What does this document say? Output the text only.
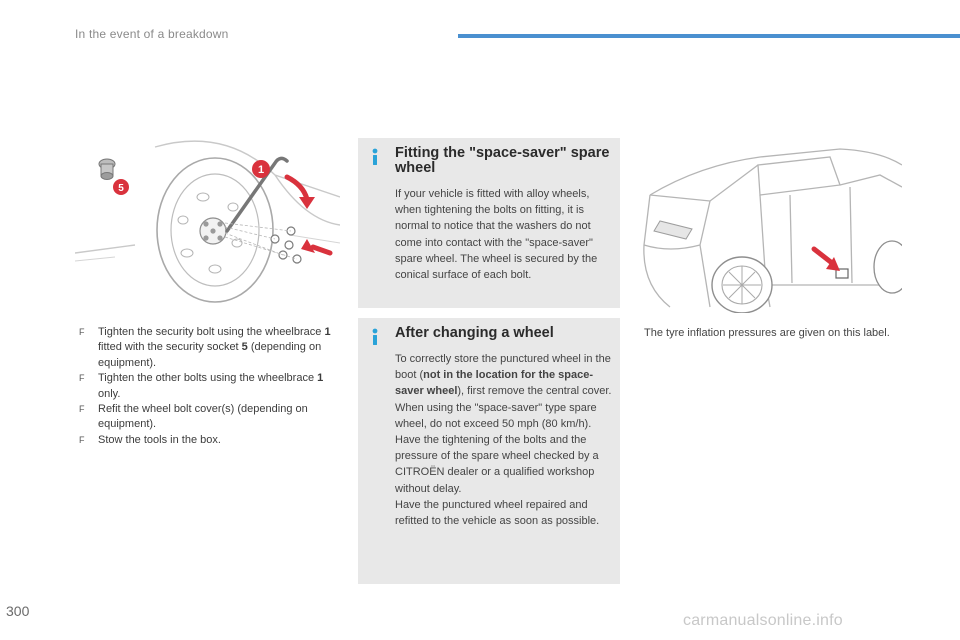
In the event of a breakdown
1
5
F Tighten the security bolt using the wheelbrace 1 fitted with the security socket 5 (depending on equipment).
F Tighten the other bolts using the wheelbrace 1 only.
F Refit the wheel bolt cover(s) (depending on equipment).
F Stow the tools in the box.
Fitting the "space-saver" spare wheel

If your vehicle is fitted with alloy wheels, when tightening the bolts on fitting, it is normal to notice that the washers do not come into contact with the "space-saver" spare wheel. The wheel is secured by the conical surface of each bolt.

After changing a wheel

To correctly store the punctured wheel in the boot (not in the location for the space-saver wheel), first remove the central cover.

When using the "space-saver" type spare wheel, do not exceed 50 mph (80 km/h).

Have the tightening of the bolts and the pressure of the spare wheel checked by a CITROËN dealer or a qualified workshop without delay.

Have the punctured wheel repaired and refitted to the vehicle as soon as possible.

The tyre inflation pressures are given on this label.
300
carmanualsonline.info
